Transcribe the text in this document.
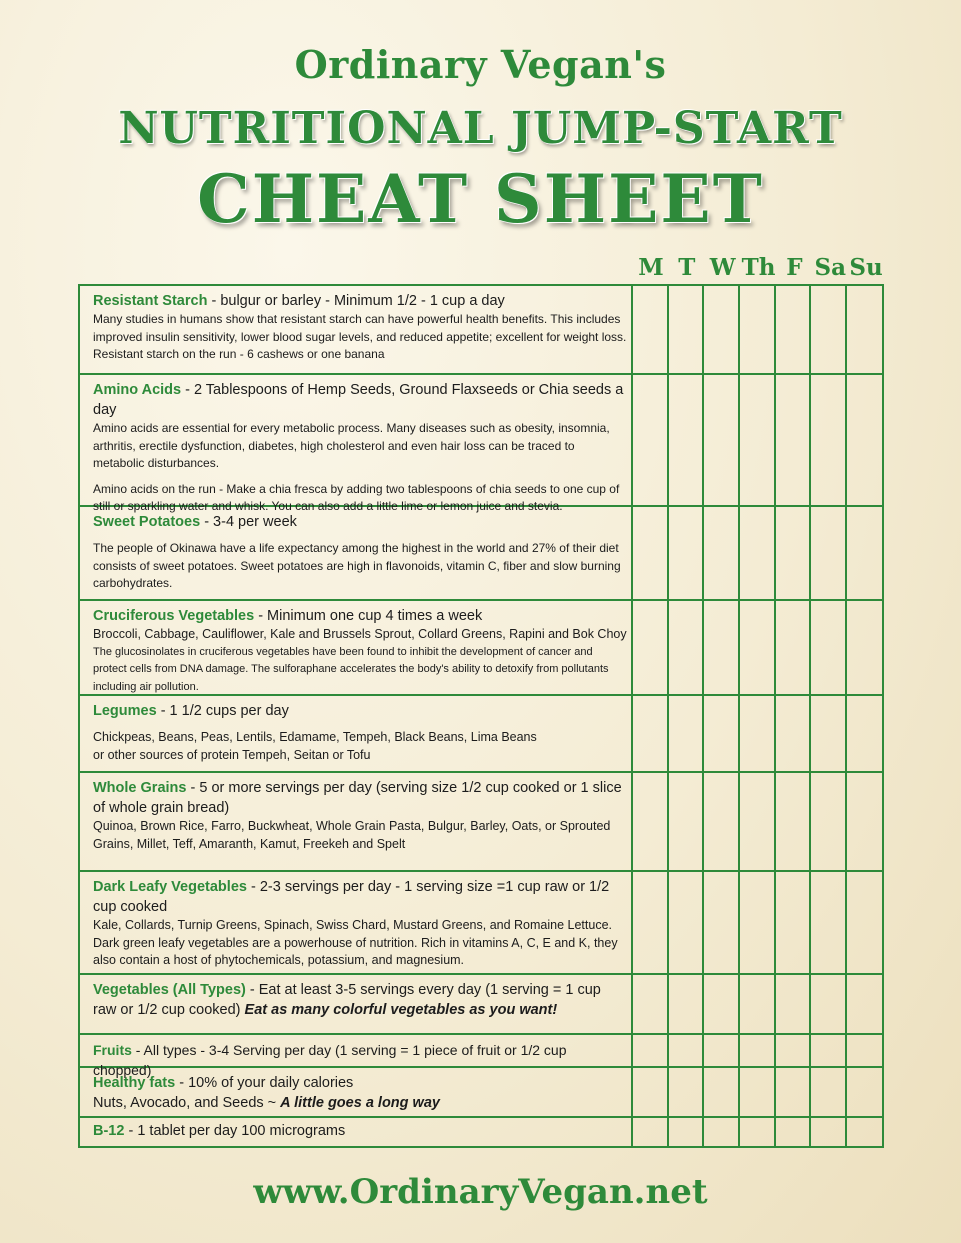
Ordinary Vegan's
NUTRITIONAL JUMP-START
CHEAT SHEET
M T W Th F Sa Su
Resistant Starch - bulgur or barley - Minimum 1/2 - 1 cup a day
Many studies in humans show that resistant starch can have powerful health benefits. This includes improved insulin sensitivity, lower blood sugar levels, and reduced appetite; excellent for weight loss.
Resistant starch on the run - 6 cashews or one banana
Amino Acids - 2 Tablespoons of Hemp Seeds, Ground Flaxseeds or Chia seeds a day
Amino acids are essential for every metabolic process. Many diseases such as obesity, insomnia, arthritis, erectile dysfunction, diabetes, high cholesterol and even hair loss can be traced to metabolic disturbances.
Amino acids on the run - Make a chia fresca by adding two tablespoons of chia seeds to one cup of still or sparkling water and whisk. You can also add a little lime or lemon juice and stevia.
Sweet Potatoes - 3-4 per week
The people of Okinawa have a life expectancy among the highest in the world and 27% of their diet consists of sweet potatoes. Sweet potatoes are high in flavonoids, vitamin C, fiber and slow burning carbohydrates.
Cruciferous Vegetables - Minimum one cup 4 times a week
Broccoli, Cabbage, Cauliflower, Kale and Brussels Sprout, Collard Greens, Rapini and Bok Choy
The glucosinolates in cruciferous vegetables have been found to inhibit the development of cancer and protect cells from DNA damage. The sulforaphane accelerates the body's ability to detoxify from pollutants including air pollution.
Legumes - 1 1/2 cups per day
Chickpeas, Beans, Peas, Lentils, Edamame, Tempeh, Black Beans, Lima Beans
or other sources of protein Tempeh, Seitan or Tofu
Whole Grains - 5 or more servings per day (serving size 1/2 cup cooked or 1 slice of whole grain bread)
Quinoa, Brown Rice, Farro, Buckwheat, Whole Grain Pasta, Bulgur, Barley, Oats, or Sprouted Grains, Millet, Teff, Amaranth, Kamut, Freekeh and Spelt
Dark Leafy Vegetables - 2-3 servings per day - 1 serving size =1 cup raw or 1/2 cup cooked
Kale, Collards, Turnip Greens, Spinach, Swiss Chard, Mustard Greens, and Romaine Lettuce.
Dark green leafy vegetables are a powerhouse of nutrition. Rich in vitamins A, C, E and K, they also contain a host of phytochemicals, potassium, and magnesium.
Vegetables (All Types) - Eat at least 3-5 servings every day (1 serving = 1 cup raw or 1/2 cup cooked) Eat as many colorful vegetables as you want!
Fruits - All types - 3-4 Serving per day (1 serving = 1 piece of fruit or 1/2 cup chopped)
Healthy fats - 10% of your daily calories
Nuts, Avocado, and Seeds ~ A little goes a long way
B-12 - 1 tablet per day 100 micrograms
www.OrdinaryVegan.net
